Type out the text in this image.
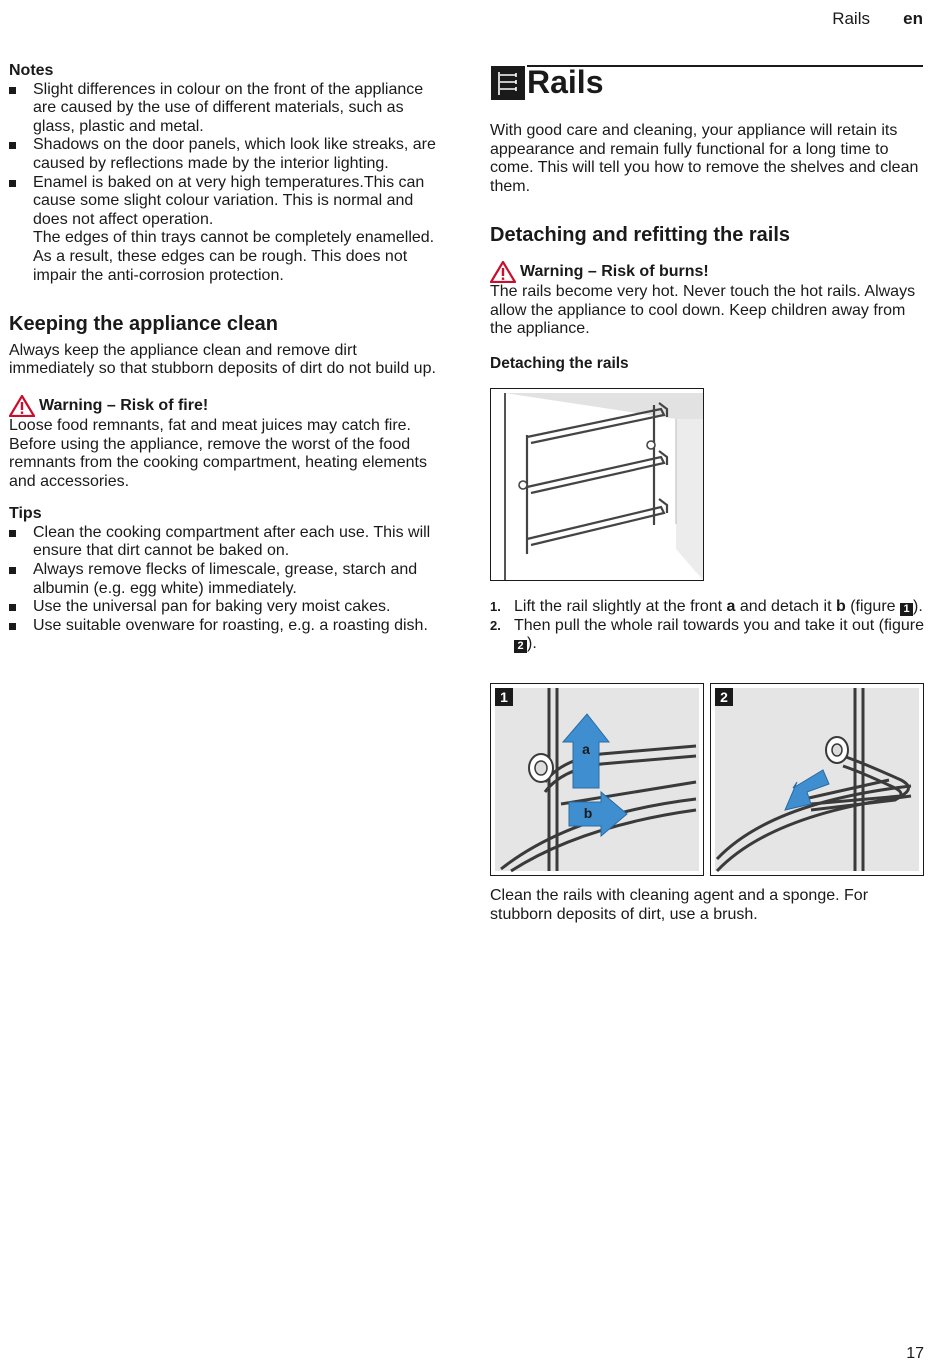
Rails en
Notes
Slight differences in colour on the front of the appliance are caused by the use of different materials, such as glass, plastic and metal.
Shadows on the door panels, which look like streaks, are caused by reflections made by the interior lighting.
Enamel is baked on at very high temperatures.This can cause some slight colour variation. This is normal and does not affect operation.
The edges of thin trays cannot be completely enamelled. As a result, these edges can be rough. This does not impair the anti-corrosion protection.
Keeping the appliance clean
Always keep the appliance clean and remove dirt immediately so that stubborn deposits of dirt do not build up.
Warning – Risk of fire!
Loose food remnants, fat and meat juices may catch fire. Before using the appliance, remove the worst of the food remnants from the cooking compartment, heating elements and accessories.
Tips
Clean the cooking compartment after each use. This will ensure that dirt cannot be baked on.
Always remove flecks of limescale, grease, starch and albumin (e.g. egg white) immediately.
Use the universal pan for baking very moist cakes.
Use suitable ovenware for roasting, e.g. a roasting dish.
Rails
With good care and cleaning, your appliance will retain its appearance and remain fully functional for a long time to come. This will tell you how to remove the shelves and clean them.
Detaching and refitting the rails
Warning – Risk of burns!
The rails become very hot. Never touch the hot rails. Always allow the appliance to cool down. Keep children away from the appliance.
Detaching the rails
1. Lift the rail slightly at the front a and detach it b (figure 1 ).
2. Then pull the whole rail towards you and take it out (figure 2 ).
a
b
1	2
Clean the rails with cleaning agent and a sponge. For stubborn deposits of dirt, use a brush.
17
